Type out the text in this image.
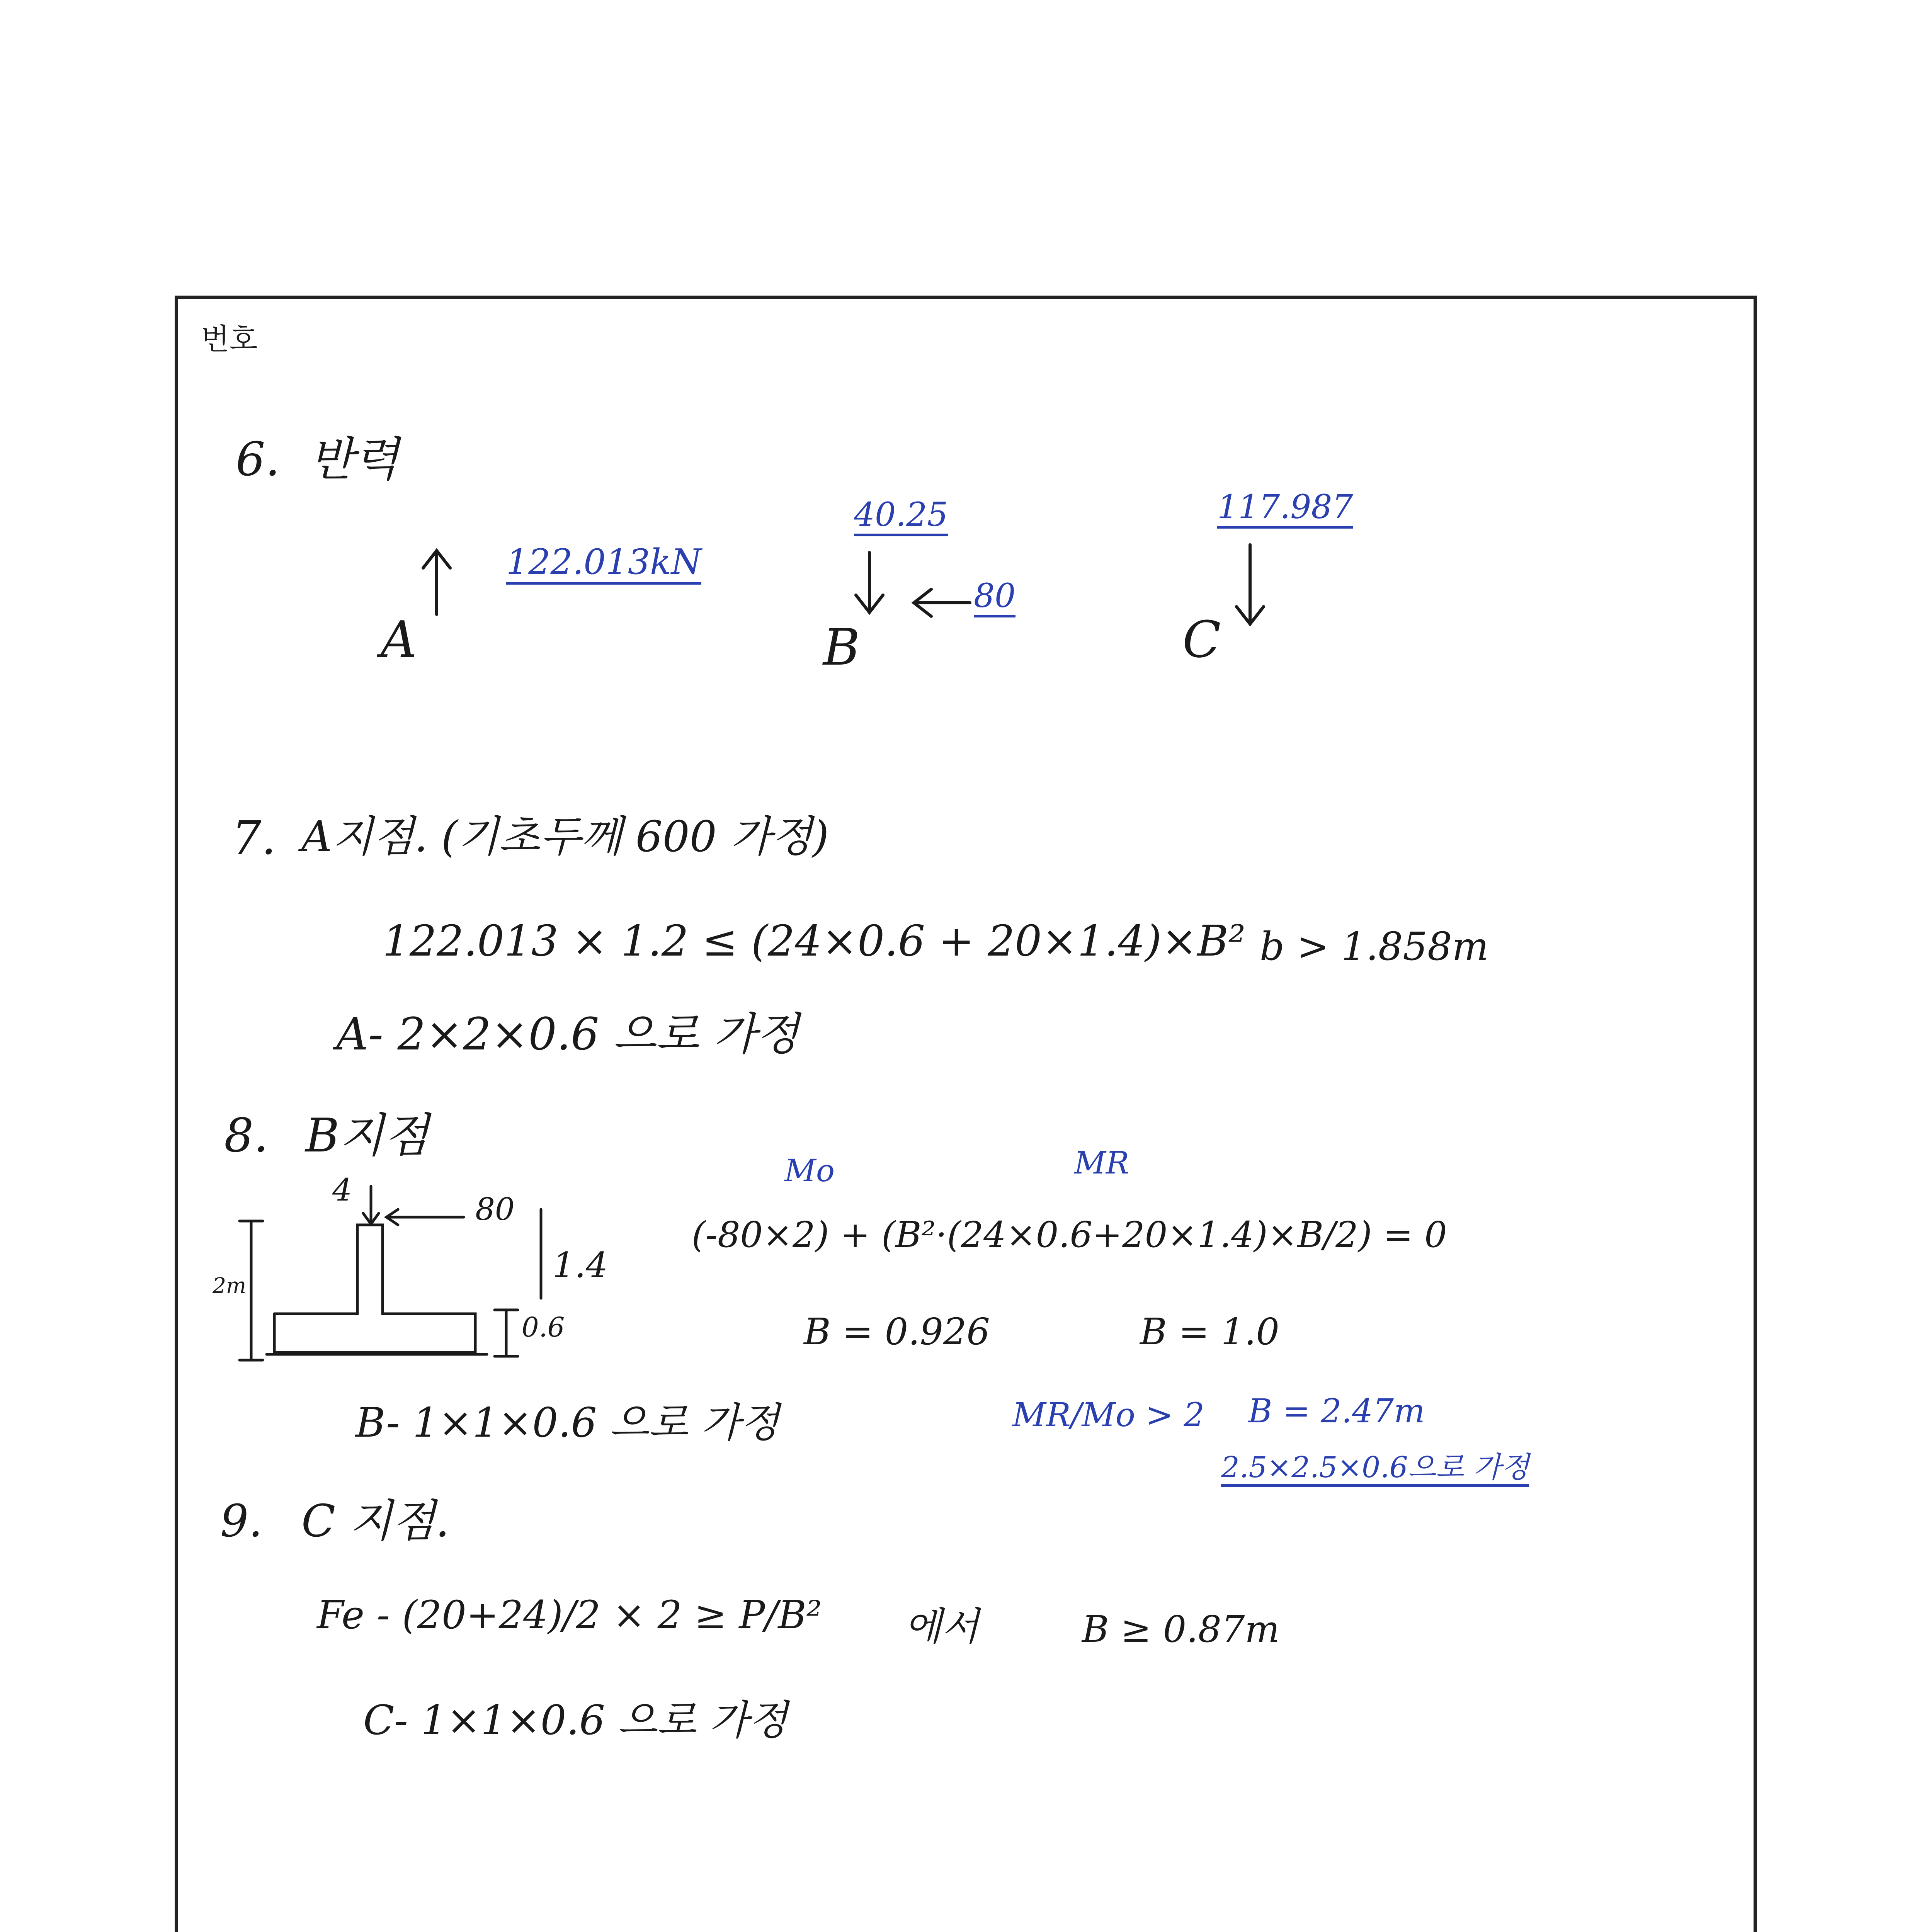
번호
6. 반력
A
122.013kN
40.25
80
B
117.987
C
7. A지점. (기초두께 600 가정)
122.013 × 1.2 ≤ (24×0.6 + 20×1.4)×B² b > 1.858m
A- 2×2×0.6 으로 가정
8. B지점
4
80
2m	1.4
0.6
Mo	MR
(-80×2) + (B²·(24×0.6+20×1.4)×B/2) = 0
B = 0.926	B = 1.0
MR/Mo > 2 B = 2.47m
2.5×2.5×0.6으로 가정
B- 1×1×0.6 으로 가정
9. C 지점.
Fe - (20+24)/2 × 2 ≥ P/B² 에서	B ≥ 0.87m
C- 1×1×0.6 으로 가정
